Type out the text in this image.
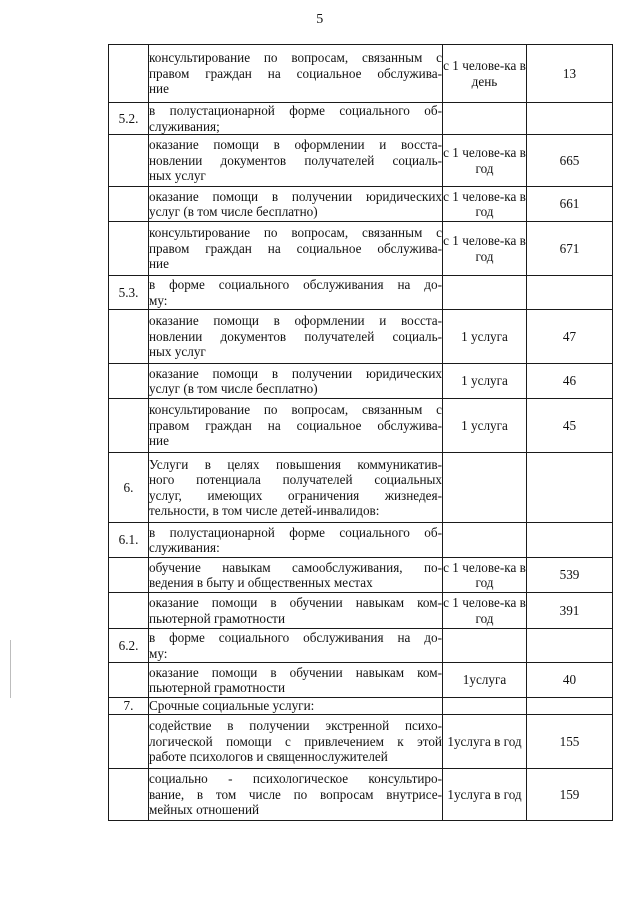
5

	консультирование по вопросам, связанным с
правом граждан на социальное обслужива-
ние	с 1 челове-ка в день	13
5.2.	в полустационарной форме социального об-
служивания;		

	оказание помощи в оформлении и восста-
новлении документов получателей социаль-
ных услуг	с 1 челове-ка в год	665

	оказание помощи в получении юридических
услуг (в том числе бесплатно)	с 1 челове-ка в год	661

	консультирование по вопросам, связанным с
правом граждан на социальное обслужива-
ние	с 1 челове-ка в год	671
5.3.	в форме социального обслуживания на до-
му:		

	оказание помощи в оформлении и восста-
новлении документов получателей социаль-
ных услуг	1 услуга	47

	оказание помощи в получении юридических
услуг (в том числе бесплатно)	1 услуга	46

	консультирование по вопросам, связанным с
правом граждан на социальное обслужива-
ние	1 услуга	45
6.	Услуги в целях повышения коммуникатив-
ного потенциала получателей социальных
услуг, имеющих ограничения жизнедея-
тельности, в том числе детей-инвалидов:		

6.1.	в полустационарной форме социального об-
служивания:		

	обучение навыкам самообслуживания, по-
ведения в быту и общественных местах	с 1 челове-ка в год	539

	оказание помощи в обучении навыкам ком-
пьютерной грамотности	с 1 челове-ка в год	391
6.2.	в форме социального обслуживания на до-
му:		

	оказание помощи в обучении навыкам ком-
пьютерной грамотности	1услуга	40
7.	Срочные социальные услуги:		

	содействие в получении экстренной психо-
логической помощи с привлечением к этой
работе психологов и священнослужителей	1услуга в год	155

	социально - психологическое консультиро-
вание, в том числе по вопросам внутрисе-
мейных отношений	1услуга в год	159
